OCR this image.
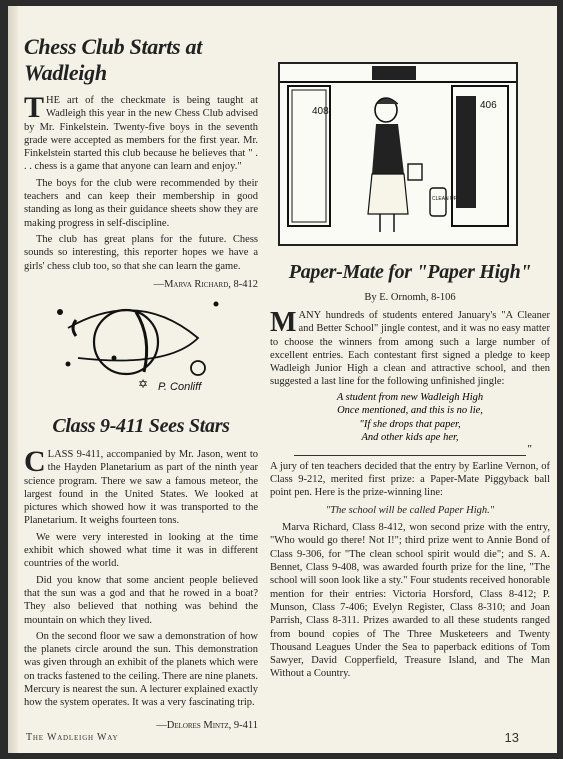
Chess Club Starts at Wadleigh

THE art of the checkmate is being taught at Wadleigh this year in the new Chess Club advised by Mr. Finkelstein. Twenty-five boys in the seventh grade were accepted as members for the first year. Mr. Finkelstein started this club because he believes that " . . . chess is a game that anyone can learn and enjoy."

The boys for the club were recommended by their teachers and can keep their membership in good standing as long as their guidance sheets show they are making progress in self-discipline.

The club has great plans for the future. Chess sounds so interesting, this reporter hopes we have a girls' chess club too, so that she can learn the game.

—Marva Richard, 8-412
✡ P. Conliff
Class 9-411 Sees Stars

CLASS 9-411, accompanied by Mr. Jason, went to the Hayden Planetarium as part of the ninth year science program. There we saw a famous meteor, the largest found in the United States. We looked at pictures which showed how it was transported to the Planetarium. It weighs fourteen tons.

We were very interested in looking at the time exhibit which showed what time it was in different countries of the world.

Did you know that some ancient people believed that the sun was a god and that he rowed in a boat? They also believed that nothing was behind the mountain on which they lived.

On the second floor we saw a demonstration of how the planets circle around the sun. This demonstration was given through an exhibit of the planets which were on tracks fastened to the ceiling. There are nine planets. Mercury is nearest the sun. A lecturer explained exactly how the system operates. It was a very fascinating trip.

—Delores Mintz, 9-411
408
406
CLEAN UP
Paper-Mate for "Paper High"
By E. Ornomh, 8-106

MANY hundreds of students entered January's "A Cleaner and Better School" jingle contest, and it was no easy matter to choose the winners from among such a large number of excellent entries. Each contestant first signed a pledge to keep Wadleigh Junior High a clean and attractive school, and then suggested a last line for the following unfinished jingle:

A student from new Wadleigh High
Once mentioned, and this is no lie,
"If she drops that paper,
And other kids ape her,
"

A jury of ten teachers decided that the entry by Earline Vernon, of Class 9-212, merited first prize: a Paper-Mate Piggyback ball point pen. Here is the prize-winning line:

"The school will be called Paper High."

Marva Richard, Class 8-412, won second prize with the entry, "Who would go there! Not I!"; third prize went to Annie Bond of Class 9-306, for "The clean school spirit would die"; and S. A. Bennet, Class 9-408, was awarded fourth prize for the line, "The school will soon look like a sty." Four students received honorable mention for their entries: Victoria Horsford, Class 8-412; P. Munson, Class 7-406; Evelyn Register, Class 8-310; and Joan Parrish, Class 8-311. Prizes awarded to all these students ranged from bound copies of The Three Musketeers and Twenty Thousand Leagues Under the Sea to paperback editions of Tom Sawyer, David Copperfield, Treasure Island, and The Man Without a Country.

The Wadleigh Way	13
